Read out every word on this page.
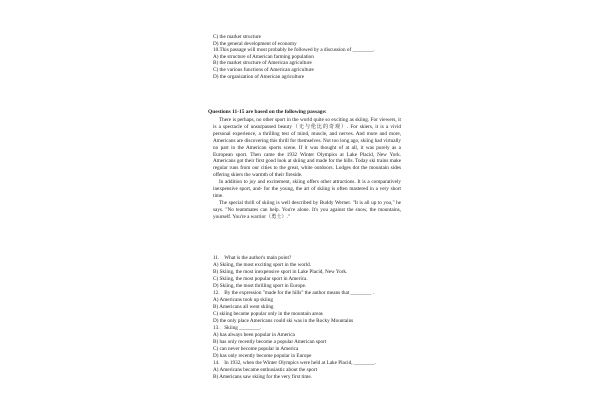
C) the market structure
D) the general development of economy
10.This passage will most probably be followed by a discussion of ________.
A) the structure of American farming population
B) the market structure of American agriculture
C) the various functions of American agriculture
D) the organization of American agriculture
Questions 11-15 are based on the following passage:

There is perhaps, no other sport in the world quite so exciting as skiing. For viewers, it is a spectacle of unsurpassed beauty（无与伦比的奇观）. For skiers, it is a vivid personal experience, a thrilling test of mind, muscle, and nerves. And more and more, Americans are discovering this thrill for themselves. Not too long ago, skiing had virtually no part in the American sports scene. If it was thought of at all, it was purely as a European sport. Then came the 1932 Winter Olympics at Lake Placid, New York. Americans got their first good look at skiing and made for the hills. Today ski trains make regular runs from our cities to the great, white outdoors. Lodges dot the mountain sides offering skiers the warmth of their fireside.

In addition to joy and excitement, skiing offers other attractions. It is a comparatively inexpensive sport, and- for the young, the art of skiing is often mastered in a very short time.

The special thrill of skiing is well described by Buddy Werner. "It is all up to you," he says. "No teammates can help. You're alone. It's you against the snow, the mountains, yourself. You're a warrior（勇士）."

11. What is the author's main point?
A) Skiing, the most exciting sport in the world.
B) Skiing, the most inexpensive sport in Lake Placid, New York.
C) Skiing, the most popular sport in America.
D) Skiing, the most thrilling sport in Europe.
12. By the expression "made for the hills" the author means that ________ .
A) Americans took up skiing
B) Americans all went skiing
C) skiing became popular only in the mountain areas
D) the only place Americans could ski was in the Rocky Mountains
13. Skiing ________.
A) has always been popular in America
B) has only recently become a popular American sport
C) can never become popular in America
D) has only recently become popular in Europe
14. In 1932, when the Winter Olympics were held at Lake Placid, ________.
A) Americans became enthusiastic about the sport
B) Americans saw skiing for the very first time.
